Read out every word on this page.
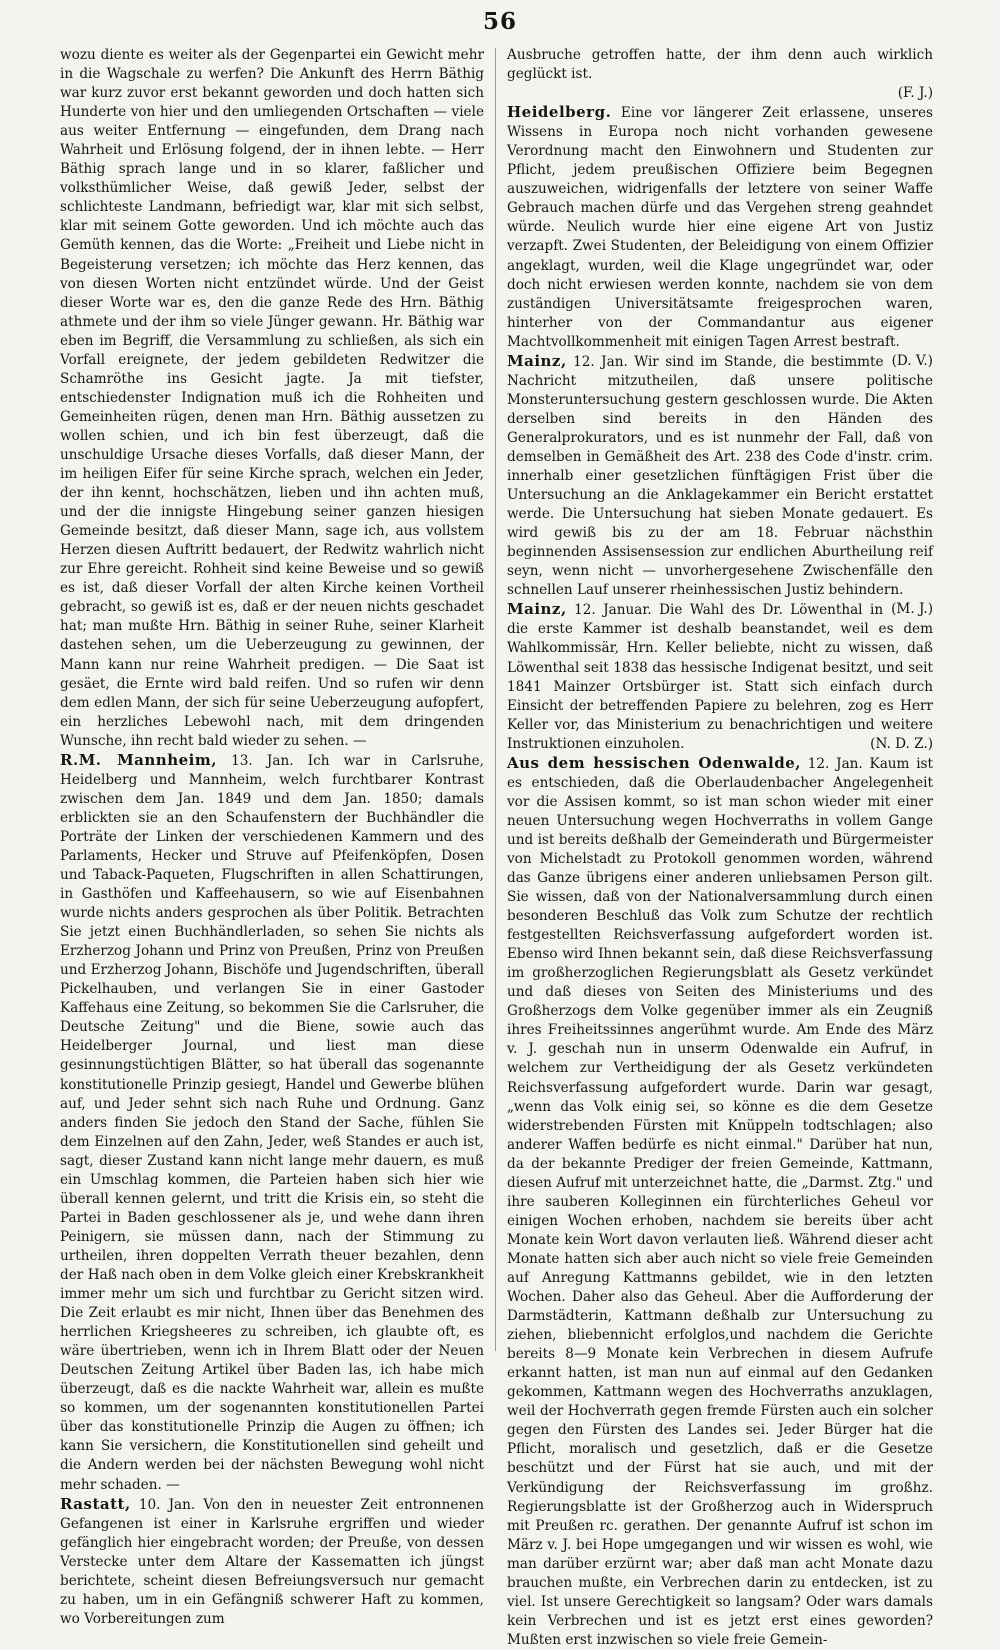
56

wozu diente es weiter als der Gegenpartei ein Gewicht mehr in die Wagschale zu werfen? Die Ankunft des Herrn Bäthig war kurz zuvor erst bekannt geworden und doch hatten sich Hunderte von hier und den umliegenden Ortschaften — viele aus weiter Entfernung — eingefunden, dem Drang nach Wahrheit und Erlösung folgend, der in ihnen lebte. — Herr Bäthig sprach lange und in so klarer, faßlicher und volksthümlicher Weise, daß gewiß Jeder, selbst der schlichteste Landmann, befriedigt war, klar mit sich selbst, klar mit seinem Gotte geworden. Und ich möchte auch das Gemüth kennen, das die Worte: „Freiheit und Liebe nicht in Begeisterung versetzen; ich möchte das Herz kennen, das von diesen Worten nicht entzündet würde. Und der Geist dieser Worte war es, den die ganze Rede des Hrn. Bäthig athmete und der ihm so viele Jünger gewann. Hr. Bäthig war eben im Begriff, die Versammlung zu schließen, als sich ein Vorfall ereignete, der jedem gebildeten Redwitzer die Schamröthe ins Gesicht jagte. Ja mit tiefster, entschiedenster Indignation muß ich die Rohheiten und Gemeinheiten rügen, denen man Hrn. Bäthig aussetzen zu wollen schien, und ich bin fest überzeugt, daß die unschuldige Ursache dieses Vorfalls, daß dieser Mann, der im heiligen Eifer für seine Kirche sprach, welchen ein Jeder, der ihn kennt, hochschätzen, lieben und ihn achten muß, und der die innigste Hingebung seiner ganzen hiesigen Gemeinde besitzt, daß dieser Mann, sage ich, aus vollstem Herzen diesen Auftritt bedauert, der Redwitz wahrlich nicht zur Ehre gereicht. Rohheit sind keine Beweise und so gewiß es ist, daß dieser Vorfall der alten Kirche keinen Vortheil gebracht, so gewiß ist es, daß er der neuen nichts geschadet hat; man mußte Hrn. Bäthig in seiner Ruhe, seiner Klarheit dastehen sehen, um die Ueberzeugung zu gewinnen, der Mann kann nur reine Wahrheit predigen. — Die Saat ist gesäet, die Ernte wird bald reifen. Und so rufen wir denn dem edlen Mann, der sich für seine Ueberzeugung aufopfert, ein herzliches Lebewohl nach, mit dem dringenden Wunsche, ihn recht bald wieder zu sehen. —

R.M. Mannheim, 13. Jan. Ich war in Carlsruhe, Heidelberg und Mannheim, welch furchtbarer Kontrast zwischen dem Jan. 1849 und dem Jan. 1850; damals erblickten sie an den Schaufenstern der Buchhändler die Porträte der Linken der verschiedenen Kammern und des Parlaments, Hecker und Struve auf Pfeifenköpfen, Dosen und Taback-Paqueten, Flugschriften in allen Schattirungen, in Gasthöfen und Kaffeehausern, so wie auf Eisenbahnen wurde nichts anders gesprochen als über Politik. Betrachten Sie jetzt einen Buchhändlerladen, so sehen Sie nichts als Erzherzog Johann und Prinz von Preußen, Prinz von Preußen und Erzherzog Johann, Bischöfe und Jugendschriften, überall Pickelhauben, und verlangen Sie in einer Gastoder Kaffehaus eine Zeitung, so bekommen Sie die Carlsruher, die Deutsche Zeitung" und die Biene, sowie auch das Heidelberger Journal, und liest man diese gesinnungstüchtigen Blätter, so hat überall das sogenannte konstitutionelle Prinzip gesiegt, Handel und Gewerbe blühen auf, und Jeder sehnt sich nach Ruhe und Ordnung. Ganz anders finden Sie jedoch den Stand der Sache, fühlen Sie dem Einzelnen auf den Zahn, Jeder, weß Standes er auch ist, sagt, dieser Zustand kann nicht lange mehr dauern, es muß ein Umschlag kommen, die Parteien haben sich hier wie überall kennen gelernt, und tritt die Krisis ein, so steht die Partei in Baden geschlossener als je, und wehe dann ihren Peinigern, sie müssen dann, nach der Stimmung zu urtheilen, ihren doppelten Verrath theuer bezahlen, denn der Haß nach oben in dem Volke gleich einer Krebskrankheit immer mehr um sich und furchtbar zu Gericht sitzen wird. Die Zeit erlaubt es mir nicht, Ihnen über das Benehmen des herrlichen Kriegsheeres zu schreiben, ich glaubte oft, es wäre übertrieben, wenn ich in Ihrem Blatt oder der Neuen Deutschen Zeitung Artikel über Baden las, ich habe mich überzeugt, daß es die nackte Wahrheit war, allein es mußte so kommen, um der sogenannten konstitutionellen Partei über das konstitutionelle Prinzip die Augen zu öffnen; ich kann Sie versichern, die Konstitutionellen sind geheilt und die Andern werden bei der nächsten Bewegung wohl nicht mehr schaden. —

Rastatt, 10. Jan. Von den in neuester Zeit entronnenen Gefangenen ist einer in Karlsruhe ergriffen und wieder gefänglich hier eingebracht worden; der Preuße, von dessen Verstecke unter dem Altare der Kassematten ich jüngst berichtete, scheint diesen Befreiungsversuch nur gemacht zu haben, um in ein Gefängniß schwerer Haft zu kommen, wo Vorbereitungen zum

Ausbruche getroffen hatte, der ihm denn auch wirklich geglückt ist.
(F. J.)

Heidelberg. Eine vor längerer Zeit erlassene, unseres Wissens in Europa noch nicht vorhanden gewesene Verordnung macht den Einwohnern und Studenten zur Pflicht, jedem preußischen Offiziere beim Begegnen auszuweichen, widrigenfalls der letztere von seiner Waffe Gebrauch machen dürfe und das Vergehen streng geahndet würde. Neulich wurde hier eine eigene Art von Justiz verzapft. Zwei Studenten, der Beleidigung von einem Offizier angeklagt, wurden, weil die Klage ungegründet war, oder doch nicht erwiesen werden konnte, nachdem sie von dem zuständigen Universitätsamte freigesprochen waren, hinterher von der Commandantur aus eigener Machtvollkommenheit mit einigen Tagen Arrest bestraft.
(D. V.)

Mainz, 12. Jan. Wir sind im Stande, die bestimmte Nachricht mitzutheilen, daß unsere politische Monsteruntersuchung gestern geschlossen wurde. Die Akten derselben sind bereits in den Händen des Generalprokurators, und es ist nunmehr der Fall, daß von demselben in Gemäßheit des Art. 238 des Code d'instr. crim. innerhalb einer gesetzlichen fünftägigen Frist über die Untersuchung an die Anklagekammer ein Bericht erstattet werde. Die Untersuchung hat sieben Monate gedauert. Es wird gewiß bis zu der am 18. Februar nächsthin beginnenden Assisensession zur endlichen Aburtheilung reif seyn, wenn nicht — unvorhergesehene Zwischenfälle den schnellen Lauf unserer rheinhessischen Justiz behindern.
(M. J.)

Mainz, 12. Januar. Die Wahl des Dr. Löwenthal in die erste Kammer ist deshalb beanstandet, weil es dem Wahlkommissär, Hrn. Keller beliebte, nicht zu wissen, daß Löwenthal seit 1838 das hessische Indigenat besitzt, und seit 1841 Mainzer Ortsbürger ist. Statt sich einfach durch Einsicht der betreffenden Papiere zu belehren, zog es Herr Keller vor, das Ministerium zu benachrichtigen und weitere Instruktionen einzuholen.	(N. D. Z.)

Aus dem hessischen Odenwalde, 12. Jan. Kaum ist es entschieden, daß die Oberlaudenbacher Angelegenheit vor die Assisen kommt, so ist man schon wieder mit einer neuen Untersuchung wegen Hochverraths in vollem Gange und ist bereits deßhalb der Gemeinderath und Bürgermeister von Michelstadt zu Protokoll genommen worden, während das Ganze übrigens einer anderen unliebsamen Person gilt. Sie wissen, daß von der Nationalversammlung durch einen besonderen Beschluß das Volk zum Schutze der rechtlich festgestellten Reichsverfassung aufgefordert worden ist. Ebenso wird Ihnen bekannt sein, daß diese Reichsverfassung im großherzoglichen Regierungsblatt als Gesetz verkündet und daß dieses von Seiten des Ministeriums und des Großherzogs dem Volke gegenüber immer als ein Zeugniß ihres Freiheitssinnes angerühmt wurde. Am Ende des März v. J. geschah nun in unserm Odenwalde ein Aufruf, in welchem zur Vertheidigung der als Gesetz verkündeten Reichsverfassung aufgefordert wurde. Darin war gesagt, „wenn das Volk einig sei, so könne es die dem Gesetze widerstrebenden Fürsten mit Knüppeln todtschlagen; also anderer Waffen bedürfe es nicht einmal." Darüber hat nun, da der bekannte Prediger der freien Gemeinde, Kattmann, diesen Aufruf mit unterzeichnet hatte, die „Darmst. Ztg." und ihre sauberen Kolleginnen ein fürchterliches Geheul vor einigen Wochen erhoben, nachdem sie bereits über acht Monate kein Wort davon verlauten ließ. Während dieser acht Monate hatten sich aber auch nicht so viele freie Gemeinden auf Anregung Kattmanns gebildet, wie in den letzten Wochen. Daher also das Geheul. Aber die Aufforderung der Darmstädterin, Kattmann deßhalb zur Untersuchung zu ziehen, bliebennicht erfolglos,und nachdem die Gerichte bereits 8—9 Monate kein Verbrechen in diesem Aufrufe erkannt hatten, ist man nun auf einmal auf den Gedanken gekommen, Kattmann wegen des Hochverraths anzuklagen, weil der Hochverrath gegen fremde Fürsten auch ein solcher gegen den Fürsten des Landes sei. Jeder Bürger hat die Pflicht, moralisch und gesetzlich, daß er die Gesetze beschützt und der Fürst hat sie auch, und mit der Verkündigung der Reichsverfassung im großhz. Regierungsblatte ist der Großherzog auch in Widerspruch mit Preußen rc. gerathen. Der genannte Aufruf ist schon im März v. J. bei Hope umgegangen und wir wissen es wohl, wie man darüber erzürnt war; aber daß man acht Monate dazu brauchen mußte, ein Verbrechen darin zu entdecken, ist zu viel. Ist unsere Gerechtigkeit so langsam? Oder wars damals kein Verbrechen und ist es jetzt erst eines geworden? Mußten erst inzwischen so viele freie Gemein-
